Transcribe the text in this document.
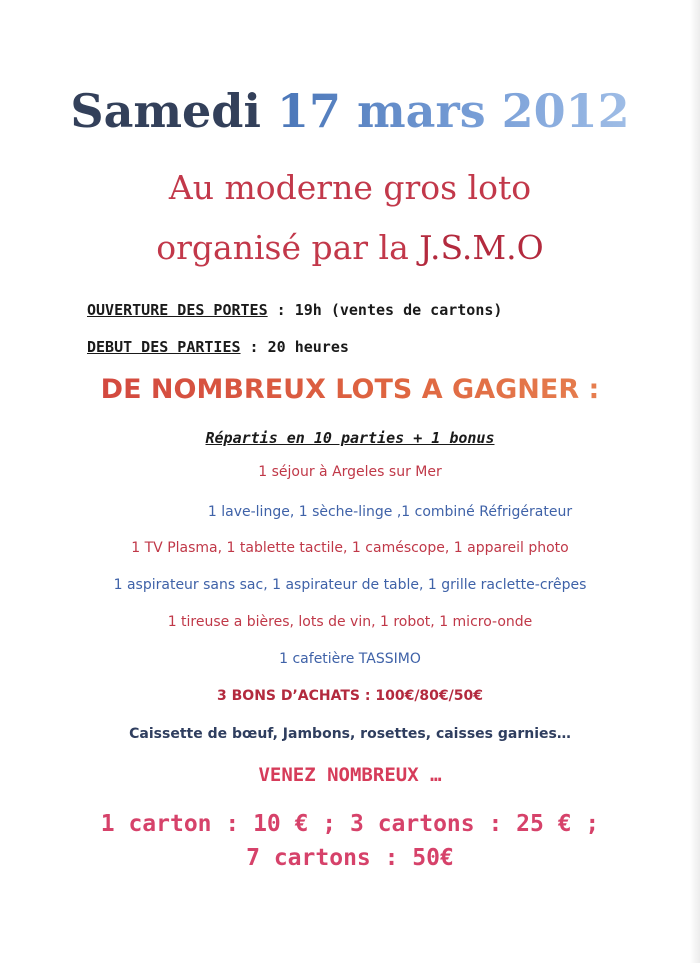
Samedi 17 mars 2012
Au moderne gros loto
organisé par la J.S.M.O
OUVERTURE DES PORTES : 19h (ventes de cartons)
DEBUT DES PARTIES : 20 heures
DE NOMBREUX LOTS A GAGNER :
Répartis en 10 parties + 1 bonus
1 séjour à Argeles sur Mer
1 lave-linge, 1 sèche-linge ,1 combiné Réfrigérateur
1 TV Plasma, 1 tablette tactile, 1 caméscope, 1 appareil photo
1 aspirateur sans sac, 1 aspirateur de table, 1 grille raclette-crêpes
1 tireuse a bières, lots de vin, 1 robot, 1 micro-onde
1 cafetière TASSIMO
3 BONS D’ACHATS : 100€/80€/50€
Caissette de bœuf, Jambons, rosettes, caisses garnies…
VENEZ NOMBREUX …
1 carton : 10 € ; 3 cartons : 25 € ;
7 cartons : 50€
